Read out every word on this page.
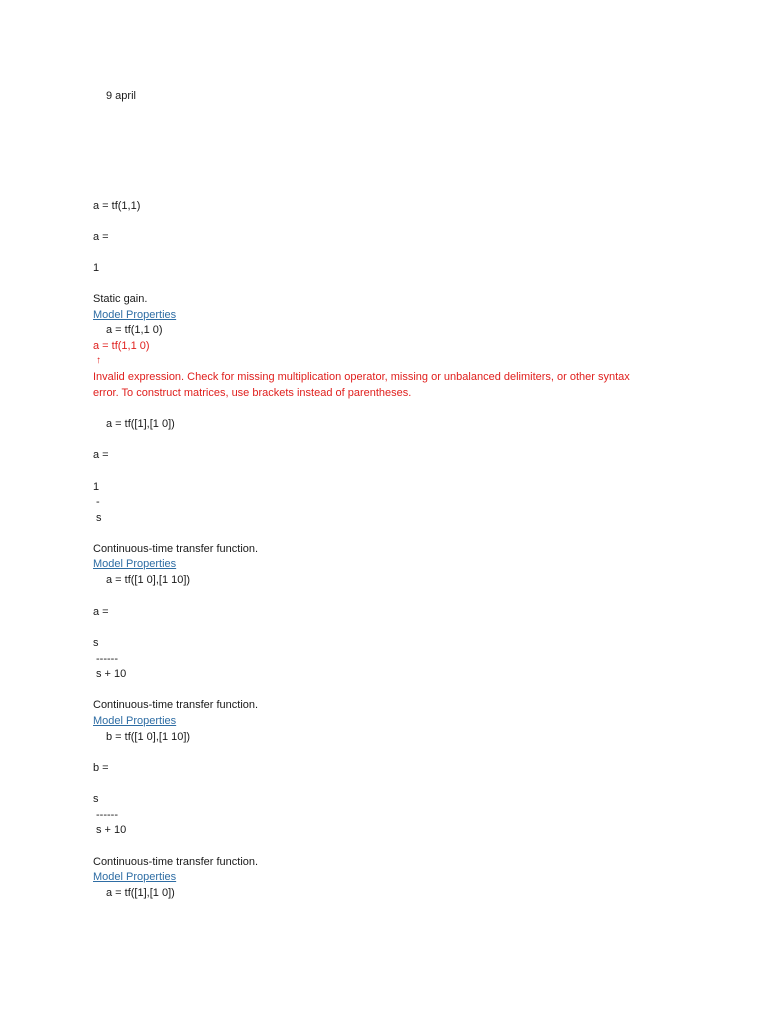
9 april
a = tf(1,1)
a =
1
Static gain.
Model Properties
a = tf(1,1 0)
a = tf(1,1 0)
↑
Invalid expression. Check for missing multiplication operator, missing or unbalanced delimiters, or other syntax error. To construct matrices, use brackets instead of parentheses.
a = tf([1],[1 0])
a =
1
-
s
Continuous-time transfer function.
Model Properties
a = tf([1 0],[1 10])
a =
s
------
s + 10
Continuous-time transfer function.
Model Properties
b = tf([1 0],[1 10])
b =
s
------
s + 10
Continuous-time transfer function.
Model Properties
a = tf([1],[1 0])
